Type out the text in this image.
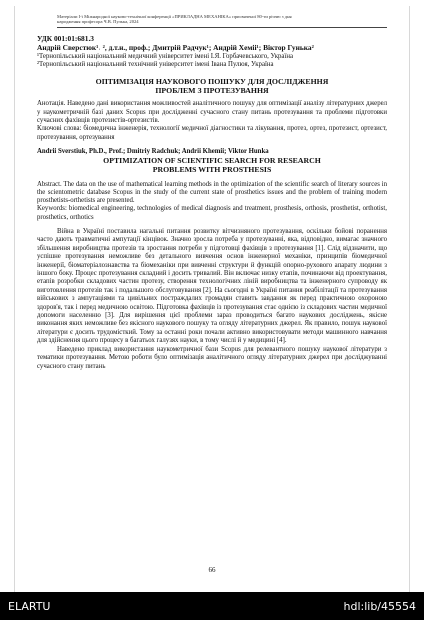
Матеріали I-ї Міжнародної науково-технічної конференції «ПРИКЛАДНА МЕХАНІКА» присвяченої 80-ти річчю з дня
народження професора Ч.В. Пулька, 2024

УДК 001:01:681.3

Андрій Сверстюк¹˒ ², д.т.н., проф.; Дмитрій Радчук¹; Андрій Хеміі¹; Віктор Гунька²

¹Тернопільський національний медичний університет імені І.Я. Горбачевського, Україна

²Тернопільський національний технічний університет імені Івана Пулюя, Україна

ОПТИМІЗАЦІЯ НАУКОВОГО ПОШУКУ ДЛЯ ДОСЛІДЖЕННЯ
ПРОБЛЕМ З ПРОТЕЗУВАННЯ

Анотація. Наведено дані використання можливостей аналітичного пошуку для оптимізації аналізу літературних джерел у наукометричній базі даних Scopus при дослідженні сучасного стану питань протезування та проблеми підготовки сучасних фахівців протезистів-ортезистів.

Ключові слова: біомедична інженерія, технології медичної діагностики та лікування, протез, ортез, протезист, ортезист, протезування, ортезування

Andrii Sverstiuk, Ph.D., Prof.; Dmitriy Radchuk; Andrii Khemii; Viktor Hunka

OPTIMIZATION OF SCIENTIFIC SEARCH FOR RESEARCH
PROBLEMS WITH PROSTHESIS

Abstract. The data on the use of mathematical learning methods in the optimization of the scientific search of literary sources in the scientometric database Scopus in the study of the current state of prosthetics issues and the problem of training modern prosthetists-orthetists are presented.

Keywords: biomedical engineering, technologies of medical diagnosis and treatment, prosthesis, orthosis, prosthetist, orthotist, prosthetics, orthotics

Війна в Україні поставила нагальні питання розвитку вітчизняного протезування, оскільки бойові поранення часто дають травматичні ампутації кінцівок. Значно зросла потреба у протезуванні, яка, відповідно, вимагає значного збільшення виробництва протезів та зростання потреби у підготовці фахівців з протезування [1]. Слід відзначити, що успішне протезування неможливе без детального вивчення основ інженерної механіки, принципів біомедичної інженерії, біоматеріалознавства та біомеханіки при вивченні структури й функцій опорно-рухового апарату людини з іншого боку. Процес протезування складний і досить тривалий. Він включає низку етапів, починаючи від проектування, етапів розробки складових частин протезу, створення технологічних ліній виробництва та інженерного супроводу як виготовлення протезів так і подальшого обслуговування [2]. На сьогодні в Україні питання реабілітації та протезування військових з ампутаціями та цивільних постраждалих громадян ставить завдання як перед практичною охороною здоров'я, так і перед медичною освітою. Підготовка фахівців із протезування стає однією із складових частин медичної допомоги населенню [3]. Для вирішення цієї проблеми зараз проводиться багато наукових досліджень, якісне виконання яких неможливе без якісного наукового пошуку та огляду літературних джерел. Як правило, пошук наукової літератури є досить трудомісткий. Тому за останні роки почали активно використовувати методи машинного навчання для здійснення цього процесу в багатьох галузях науки, в тому числі й у медицині [4].

Наведено приклад використання наукометричної бази Scopus для релевантного пошуку наукової літератури з тематики протезування. Метою роботи було оптимізація аналітичного огляду літературних джерел при досліджуванні сучасного стану питань

66
ELARTU	hdl:lib/45554
